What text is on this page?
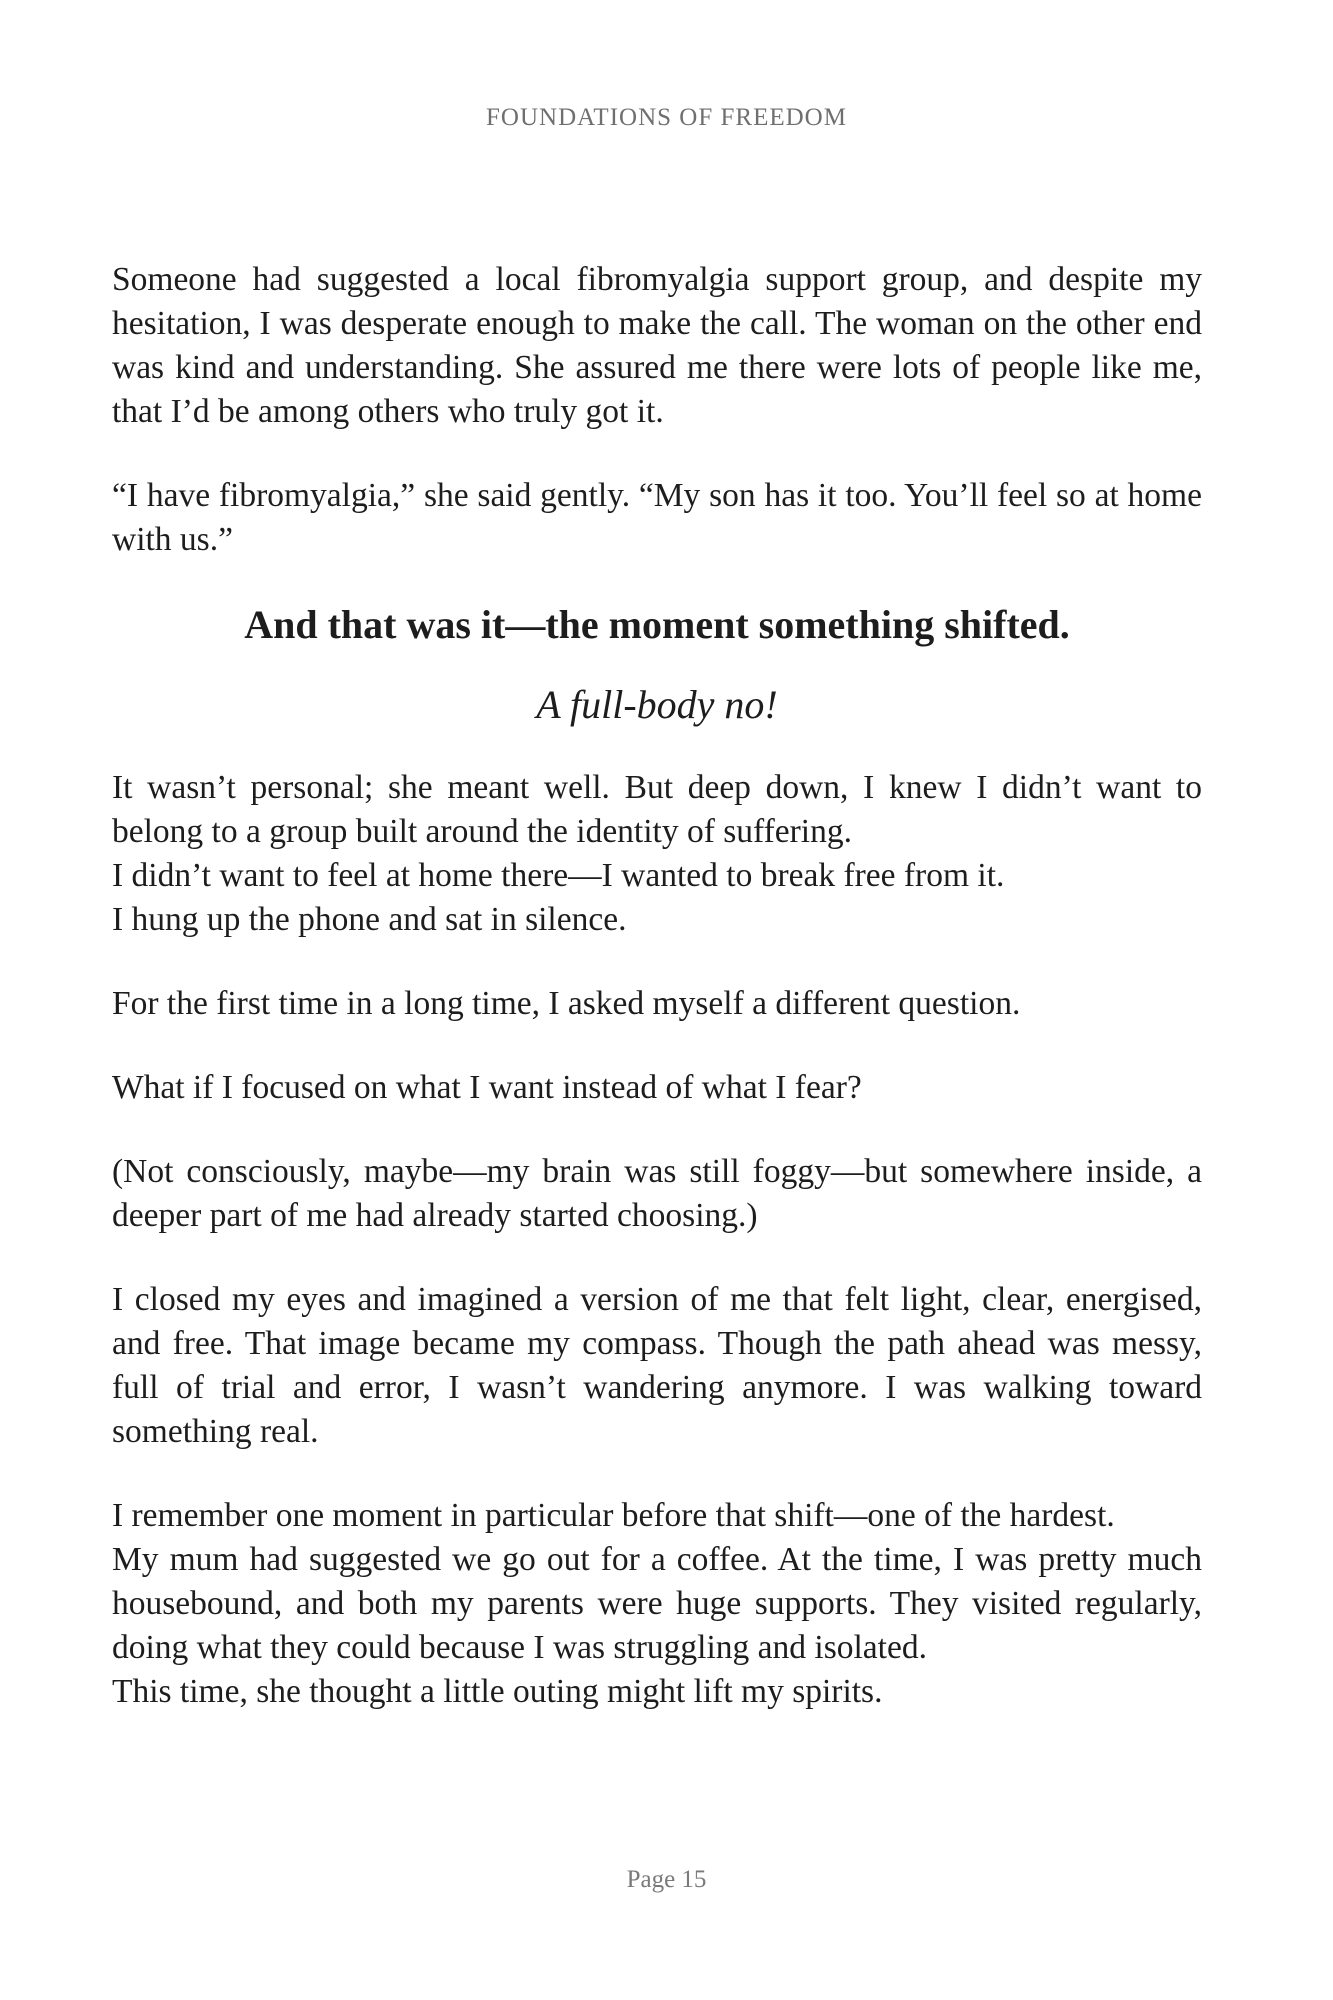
FOUNDATIONS OF FREEDOM

Someone had suggested a local fibromyalgia support group, and despite my hesitation, I was desperate enough to make the call. The woman on the other end was kind and understanding. She assured me there were lots of people like me, that I’d be among others who truly got it.

“I have fibromyalgia,” she said gently. “My son has it too. You’ll feel so at home with us.”

And that was it—the moment something shifted.

A full-body no!

It wasn’t personal; she meant well. But deep down, I knew I didn’t want to belong to a group built around the identity of suffering.
I didn’t want to feel at home there—I wanted to break free from it.
I hung up the phone and sat in silence.

For the first time in a long time, I asked myself a different question.

What if I focused on what I want instead of what I fear?

(Not consciously, maybe—my brain was still foggy—but somewhere inside, a deeper part of me had already started choosing.)

I closed my eyes and imagined a version of me that felt light, clear, energised, and free. That image became my compass. Though the path ahead was messy, full of trial and error, I wasn’t wandering anymore. I was walking toward something real.

I remember one moment in particular before that shift—one of the hardest.
My mum had suggested we go out for a coffee. At the time, I was pretty much housebound, and both my parents were huge supports. They visited regularly, doing what they could because I was struggling and isolated.
This time, she thought a little outing might lift my spirits.
Page 15
